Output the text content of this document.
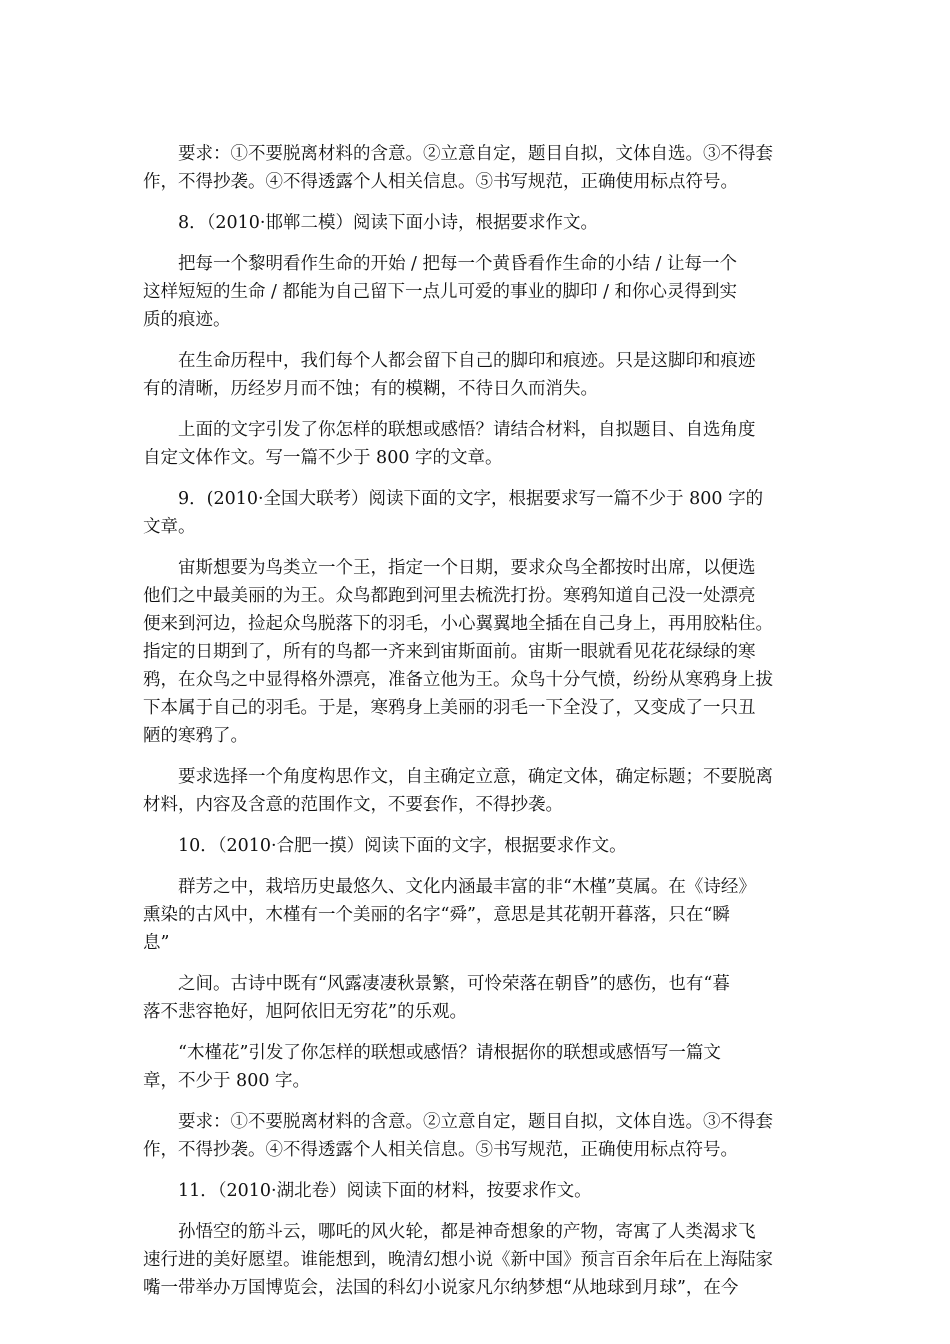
要求：①不要脱离材料的含意。②立意自定，题目自拟，文体自选。③不得套
作，不得抄袭。④不得透露个人相关信息。⑤书写规范，正确使用标点符号。

8．（2010·邯郸二模）阅读下面小诗，根据要求作文。

把每一个黎明看作生命的开始 / 把每一个黄昏看作生命的小结 / 让每一个
这样短短的生命 / 都能为自己留下一点儿可爱的事业的脚印 / 和你心灵得到实
质的痕迹。

在生命历程中，我们每个人都会留下自己的脚印和痕迹。只是这脚印和痕迹
有的清晰，历经岁月而不蚀；有的模糊，不待日久而消失。

上面的文字引发了你怎样的联想或感悟？请结合材料，自拟题目、自选角度
自定文体作文。写一篇不少于 800 字的文章。

9．(2010·全国大联考）阅读下面的文字，根据要求写一篇不少于 800 字的
文章。

宙斯想要为鸟类立一个王，指定一个日期，要求众鸟全都按时出席，以便选
他们之中最美丽的为王。众鸟都跑到河里去梳洗打扮。寒鸦知道自己没一处漂亮
便来到河边，捡起众鸟脱落下的羽毛，小心翼翼地全插在自己身上，再用胶粘住。
指定的日期到了，所有的鸟都一齐来到宙斯面前。宙斯一眼就看见花花绿绿的寒
鸦，在众鸟之中显得格外漂亮，准备立他为王。众鸟十分气愤，纷纷从寒鸦身上拔
下本属于自己的羽毛。于是，寒鸦身上美丽的羽毛一下全没了，又变成了一只丑
陋的寒鸦了。

要求选择一个角度构思作文，自主确定立意，确定文体，确定标题；不要脱离
材料，内容及含意的范围作文，不要套作，不得抄袭。

10．（2010·合肥一摸）阅读下面的文字，根据要求作文。

群芳之中，栽培历史最悠久、文化内涵最丰富的非“木槿”莫属。在《诗经》
熏染的古风中，木槿有一个美丽的名字“舜”，意思是其花朝开暮落，只在“瞬
息”

之间。古诗中既有“风露凄凄秋景繁，可怜荣落在朝昏”的感伤，也有“暮
落不悲容艳好，旭阿依旧无穷花”的乐观。

“木槿花”引发了你怎样的联想或感悟？请根据你的联想或感悟写一篇文
章，不少于 800 字。

要求：①不要脱离材料的含意。②立意自定，题目自拟，文体自选。③不得套
作，不得抄袭。④不得透露个人相关信息。⑤书写规范，正确使用标点符号。

11．（2010·湖北卷）阅读下面的材料，按要求作文。

孙悟空的筋斗云，哪吒的风火轮，都是神奇想象的产物，寄寓了人类渴求飞
速行进的美好愿望。谁能想到，晚清幻想小说《新中国》预言百余年后在上海陆家
嘴一带举办万国博览会，法国的科幻小说家凡尔纳梦想“从地球到月球”，在今
